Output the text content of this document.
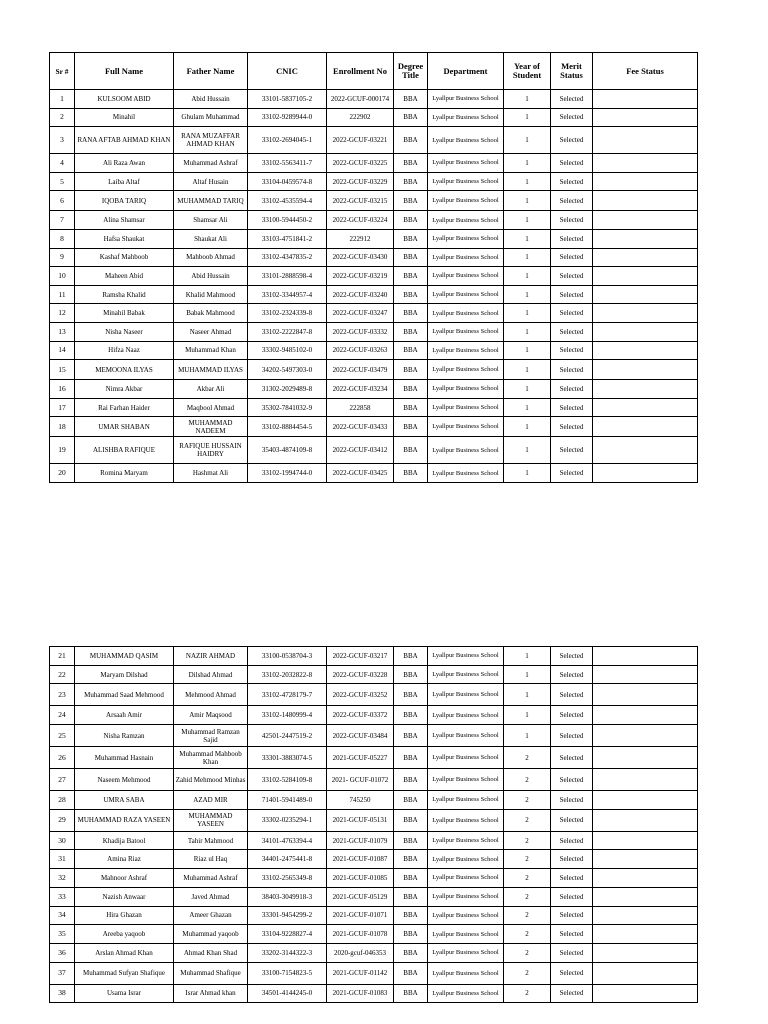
Sr #	Full Name	Father Name	CNIC	Enrollment No	Degree Title	Department	Year of Student	Merit Status	Fee Status
1	KULSOOM ABID	Abid Hussain	33101-5837105-2	2022-GCUF-000174	BBA	Lyallpur Business School	1	Selected	
2	Minahil	Ghulam Muhammad	33102-9289944-0	222902	BBA	Lyallpur Business School	1	Selected	
3	RANA AFTAB AHMAD KHAN	RANA MUZAFFAR AHMAD KHAN	33102-2694045-1	2022-GCUF-03221	BBA	Lyallpur Business School	1	Selected	
4	Ali Raza Awan	Muhammad Ashraf	33102-5563411-7	2022-GCUF-03225	BBA	Lyallpur Business School	1	Selected	
5	Laiba Altaf	Altaf Husain	33104-0459574-8	2022-GCUF-03229	BBA	Lyallpur Business School	1	Selected	
6	IQOBA TARIQ	MUHAMMAD TARIQ	33102-4535594-4	2022-GCUF-03215	BBA	Lyallpur Business School	1	Selected	
7	Alina Shamsar	Shamsar Ali	33100-5944450-2	2022-GCUF-03224	BBA	Lyallpur Business School	1	Selected	
8	Hafsa Shaukat	Shaukat Ali	33103-4751841-2	222912	BBA	Lyallpur Business School	1	Selected	
9	Kashaf Mahboob	Mahboob Ahmad	33102-4347835-2	2022-GCUF-03430	BBA	Lyallpur Business School	1	Selected	
10	Maheen Abid	Abid Hussain	33101-2888598-4	2022-GCUF-03219	BBA	Lyallpur Business School	1	Selected	
11	Ramsha Khalid	Khalid Mahmood	33102-3344957-4	2022-GCUF-03240	BBA	Lyallpur Business School	1	Selected	
12	Minahil Babak	Babak Mahmood	33102-2324339-8	2022-GCUF-03247	BBA	Lyallpur Business School	1	Selected	
13	Nisha Naseer	Naseer Ahmad	33102-2222847-8	2022-GCUF-03332	BBA	Lyallpur Business School	1	Selected	
14	Hifza Naaz	Muhammad Khan	33302-9485102-0	2022-GCUF-03263	BBA	Lyallpur Business School	1	Selected	
15	MEMOONA ILYAS	MUHAMMAD ILYAS	34202-5497303-0	2022-GCUF-03479	BBA	Lyallpur Business School	1	Selected	
16	Nimra Akbar	Akbar Ali	31302-2029489-8	2022-GCUF-03234	BBA	Lyallpur Business School	1	Selected	
17	Rai Farhan Haider	Maqbool Ahmad	35302-7841032-9	222858	BBA	Lyallpur Business School	1	Selected	
18	UMAR SHABAN	MUHAMMAD NADEEM	33102-8884454-5	2022-GCUF-03433	BBA	Lyallpur Business School	1	Selected	
19	ALISHBA RAFIQUE	RAFIQUE HUSSAIN HAIDRY	35403-4874109-8	2022-GCUF-03412	BBA	Lyallpur Business School	1	Selected	
20	Romina Maryam	Hashmat Ali	33102-1994744-0	2022-GCUF-03425	BBA	Lyallpur Business School	1	Selected	
21	MUHAMMAD QASIM	NAZIR AHMAD	33100-0538704-3	2022-GCUF-03217	BBA	Lyallpur Business School	1	Selected	
22	Maryam Dilshad	Dilshad Ahmad	33102-2032822-8	2022-GCUF-03228	BBA	Lyallpur Business School	1	Selected	
23	Muhammad Saad Mehmood	Mehmood Ahmad	33102-4728179-7	2022-GCUF-03252	BBA	Lyallpur Business School	1	Selected	
24	Arsaah Amir	Amir Maqsood	33102-1480999-4	2022-GCUF-03372	BBA	Lyallpur Business School	1	Selected	
25	Nisha Ramzan	Muhammad Ramzan Sajid	42501-2447519-2	2022-GCUF-03484	BBA	Lyallpur Business School	1	Selected	
26	Muhammad Hasnain	Muhammad Mahboob Khan	33301-3883074-5	2021-GCUF-05227	BBA	Lyallpur Business School	2	Selected	
27	Naseem Mehmood	Zahid Mehmood Minhas	33102-5284109-8	2021- GCUF-01072	BBA	Lyallpur Business School	2	Selected	
28	UMRA SABA	AZAD MIR	71401-5941489-0	745250	BBA	Lyallpur Business School	2	Selected	
29	MUHAMMAD RAZA YASEEN	MUHAMMAD YASEEN	33302-0235294-1	2021-GCUF-05131	BBA	Lyallpur Business School	2	Selected	
30	Khadija Batool	Tahir Mahmood	34101-4763394-4	2021-GCUF-01079	BBA	Lyallpur Business School	2	Selected	
31	Amina Riaz	Riaz ul Haq	34401-2475441-8	2021-GCUF-01087	BBA	Lyallpur Business School	2	Selected	
32	Mahnoor Ashraf	Muhammad Ashraf	33102-2565349-8	2021-GCUF-01085	BBA	Lyallpur Business School	2	Selected	
33	Nazish Anwaar	Javed Ahmad	38403-3049918-3	2021-GCUF-05129	BBA	Lyallpur Business School	2	Selected	
34	Hira Ghazan	Ameer Ghazan	33301-9454299-2	2021-GCUF-01071	BBA	Lyallpur Business School	2	Selected	
35	Areeba yaqoob	Muhammad yaqoob	33104-9228827-4	2021-GCUF-01078	BBA	Lyallpur Business School	2	Selected	
36	Arslan Ahmad Khan	Ahmad Khan Shad	33202-3144322-3	2020-gcuf-046353	BBA	Lyallpur Business School	2	Selected	
37	Muhammad Sufyan Shafique	Muhammad Shafique	33100-7154823-5	2021-GCUF-01142	BBA	Lyallpur Business School	2	Selected	
38	Usama Israr	Israr Ahmad khan	34501-4144245-0	2021-GCUF-01083	BBA	Lyallpur Business School	2	Selected	
